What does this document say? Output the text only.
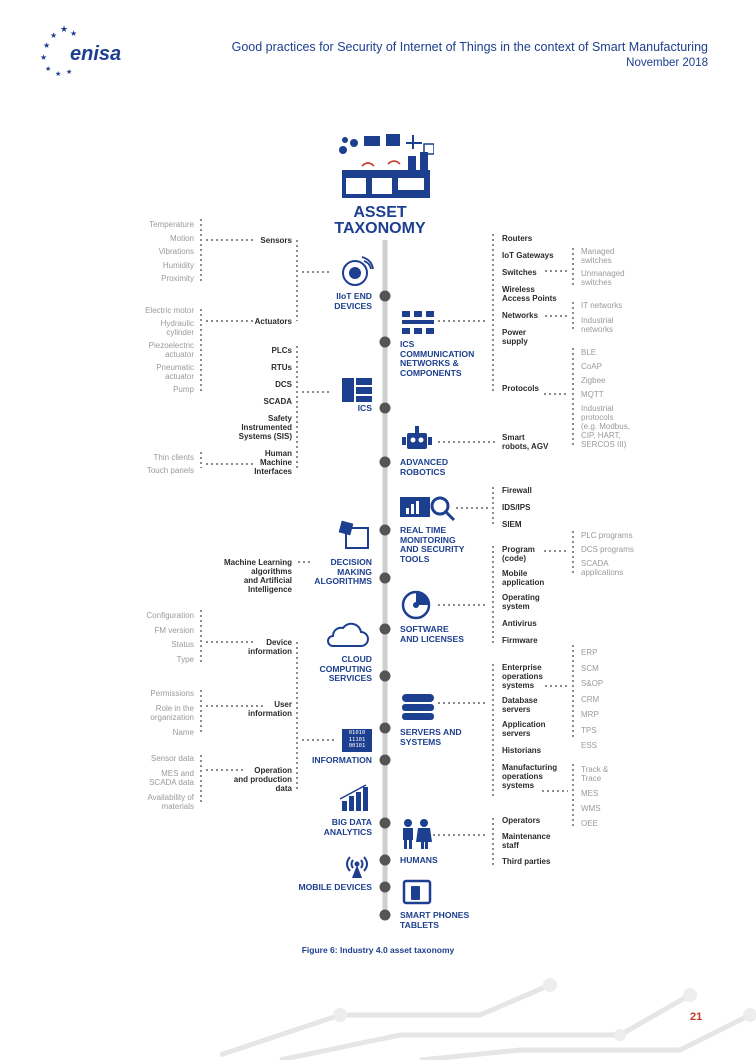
★ ★
★
★
★
★
★ ★
enisa	Good practices for Security of Internet of Things in the context of Smart Manufacturing
November 2018
01010
11101
00101
ASSET
TAXONOMY
IIoT END
DEVICES
ICS
COMMUNICATION
NETWORKS &
COMPONENTS
ICS
ADVANCED
ROBOTICS
REAL TIME
MONITORING
AND SECURITY
TOOLS
DECISION
MAKING
ALGORITHMS
SOFTWARE
AND LICENSES
CLOUD
COMPUTING
SERVICES
SERVERS AND
SYSTEMS
INFORMATION
BIG DATA
ANALYTICS
HUMANS
MOBILE DEVICES
SMART PHONES
TABLETS
Temperature
Motion
Vibrations
Humidity
Proximity
Sensors
Electric motor
Hydraulic
cylinder
Piezoelectric
actuator
Pneumatic
actuator
Pump
Actuators
PLCs
RTUs
DCS
SCADA
Safety
Instrumented
Systems (SIS)
Human
Machine
Interfaces
Thin clients
Touch panels
Machine Learning
algorithms
and Artificial
Intelligence
Configuration
FM version
Status
Type
Device
information
Permissions
Role in the
organization
Name
User
information
Sensor data
MES and
SCADA data
Availability of
materials
Operation
and production
data
Routers
IoT Gateways
Switches
Wireless
Access Points
Networks
Power
supply
Protocols
Managed
switches
Unmanaged
switches
IT networks
Industrial
networks
BLE
CoAP
Zigbee
MQTT
Industrial
protocols
(e.g. Modbus,
CIP, HART,
SERCOS III)
Smart
robots, AGV
Firewall
IDS/IPS
SIEM
Program
(code)
Mobile
application
Operating
system
Antivirus
Firmware
PLC programs
DCS programs
SCADA
applications
Enterprise
operations
systems
Database
servers
Application
servers
Historians
Manufacturing
operations
systems
ERP
SCM
S&OP
CRM
MRP
TPS
ESS
Track &
Trace
MES
WMS
OEE
Operators
Maintenance
staff
Third parties
Figure 6: Industry 4.0 asset taxonomy
21
